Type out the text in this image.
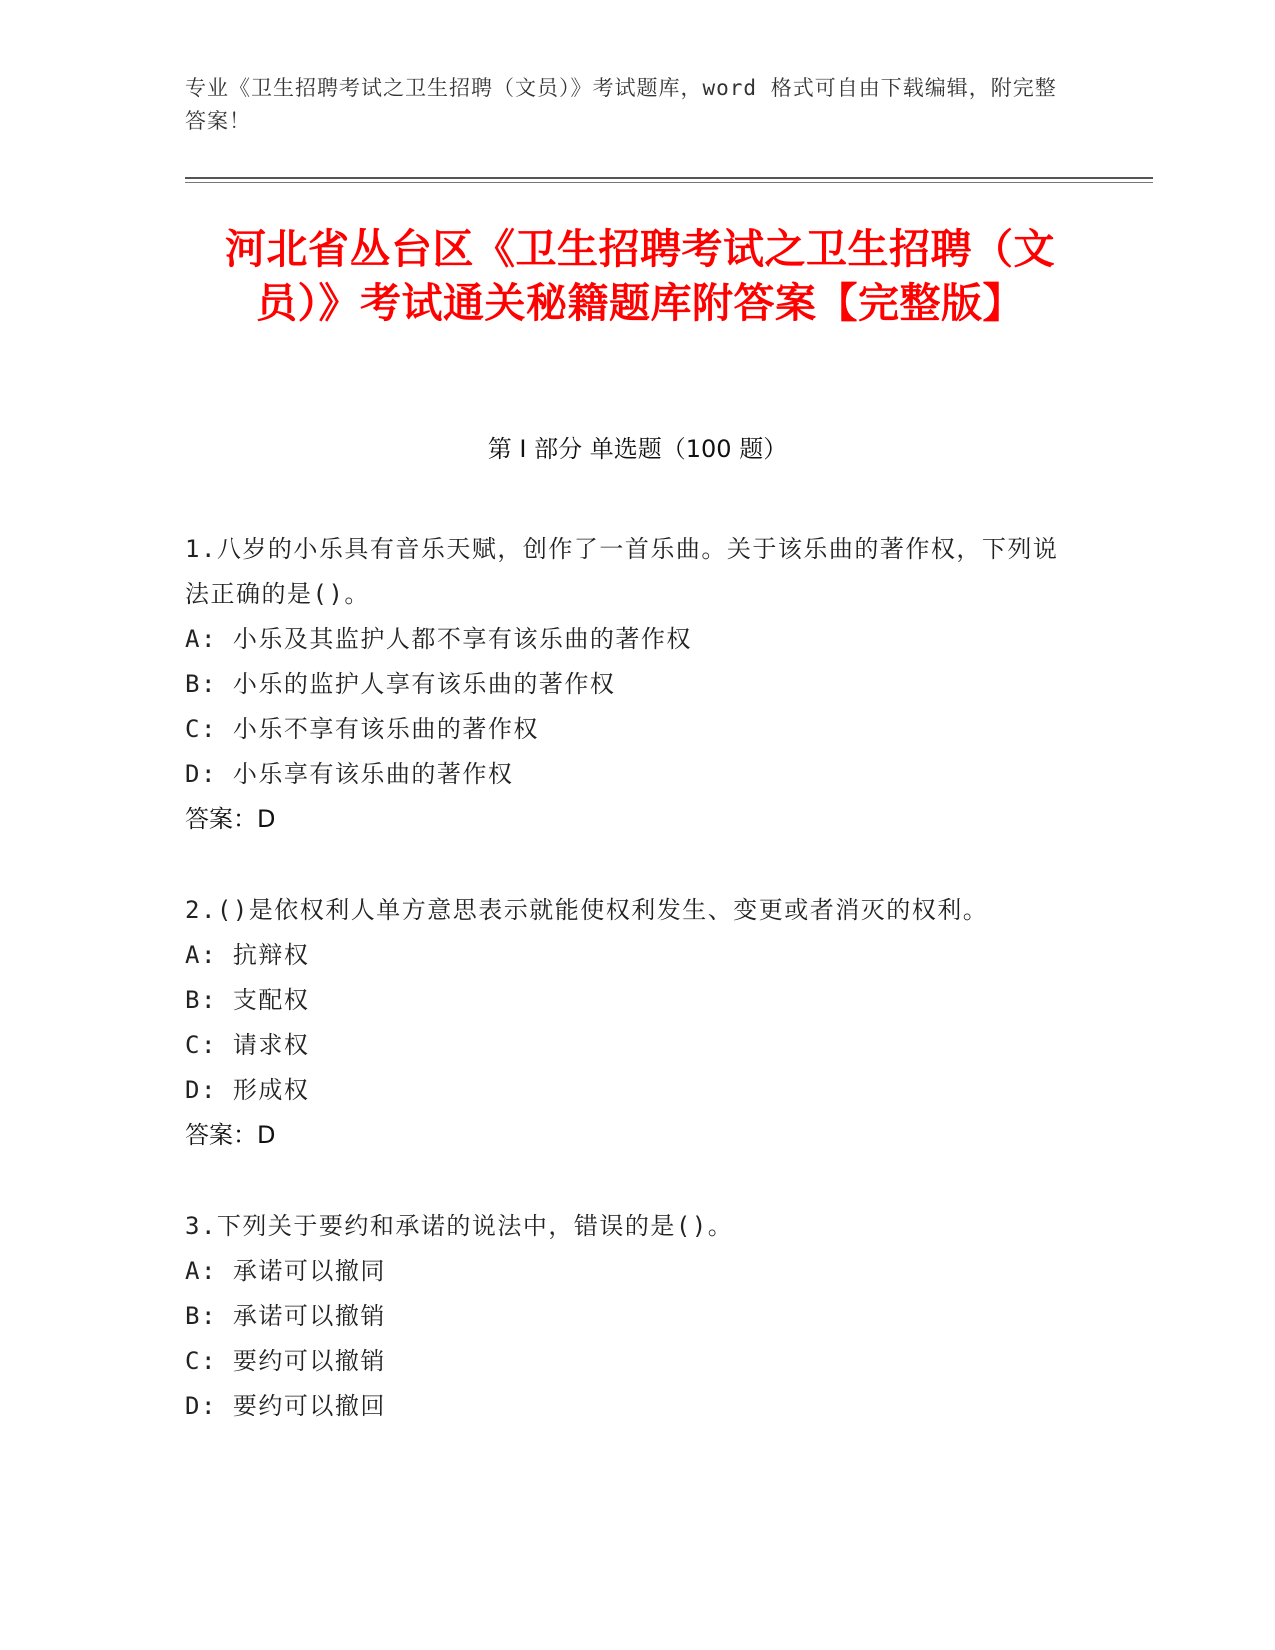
专业《卫生招聘考试之卫生招聘（文员）》考试题库，word 格式可自由下载编辑，附完整答案！
河北省丛台区《卫生招聘考试之卫生招聘（文员）》考试通关秘籍题库附答案【完整版】
第 I 部分 单选题（100 题）
1.八岁的小乐具有音乐天赋，创作了一首乐曲。关于该乐曲的著作权，下列说法正确的是()。
A: 小乐及其监护人都不享有该乐曲的著作权
B: 小乐的监护人享有该乐曲的著作权
C: 小乐不享有该乐曲的著作权
D: 小乐享有该乐曲的著作权
答案：D
2.()是依权利人单方意思表示就能使权利发生、变更或者消灭的权利。
A: 抗辩权
B: 支配权
C: 请求权
D: 形成权
答案：D
3.下列关于要约和承诺的说法中，错误的是()。
A: 承诺可以撤同
B: 承诺可以撤销
C: 要约可以撤销
D: 要约可以撤回
